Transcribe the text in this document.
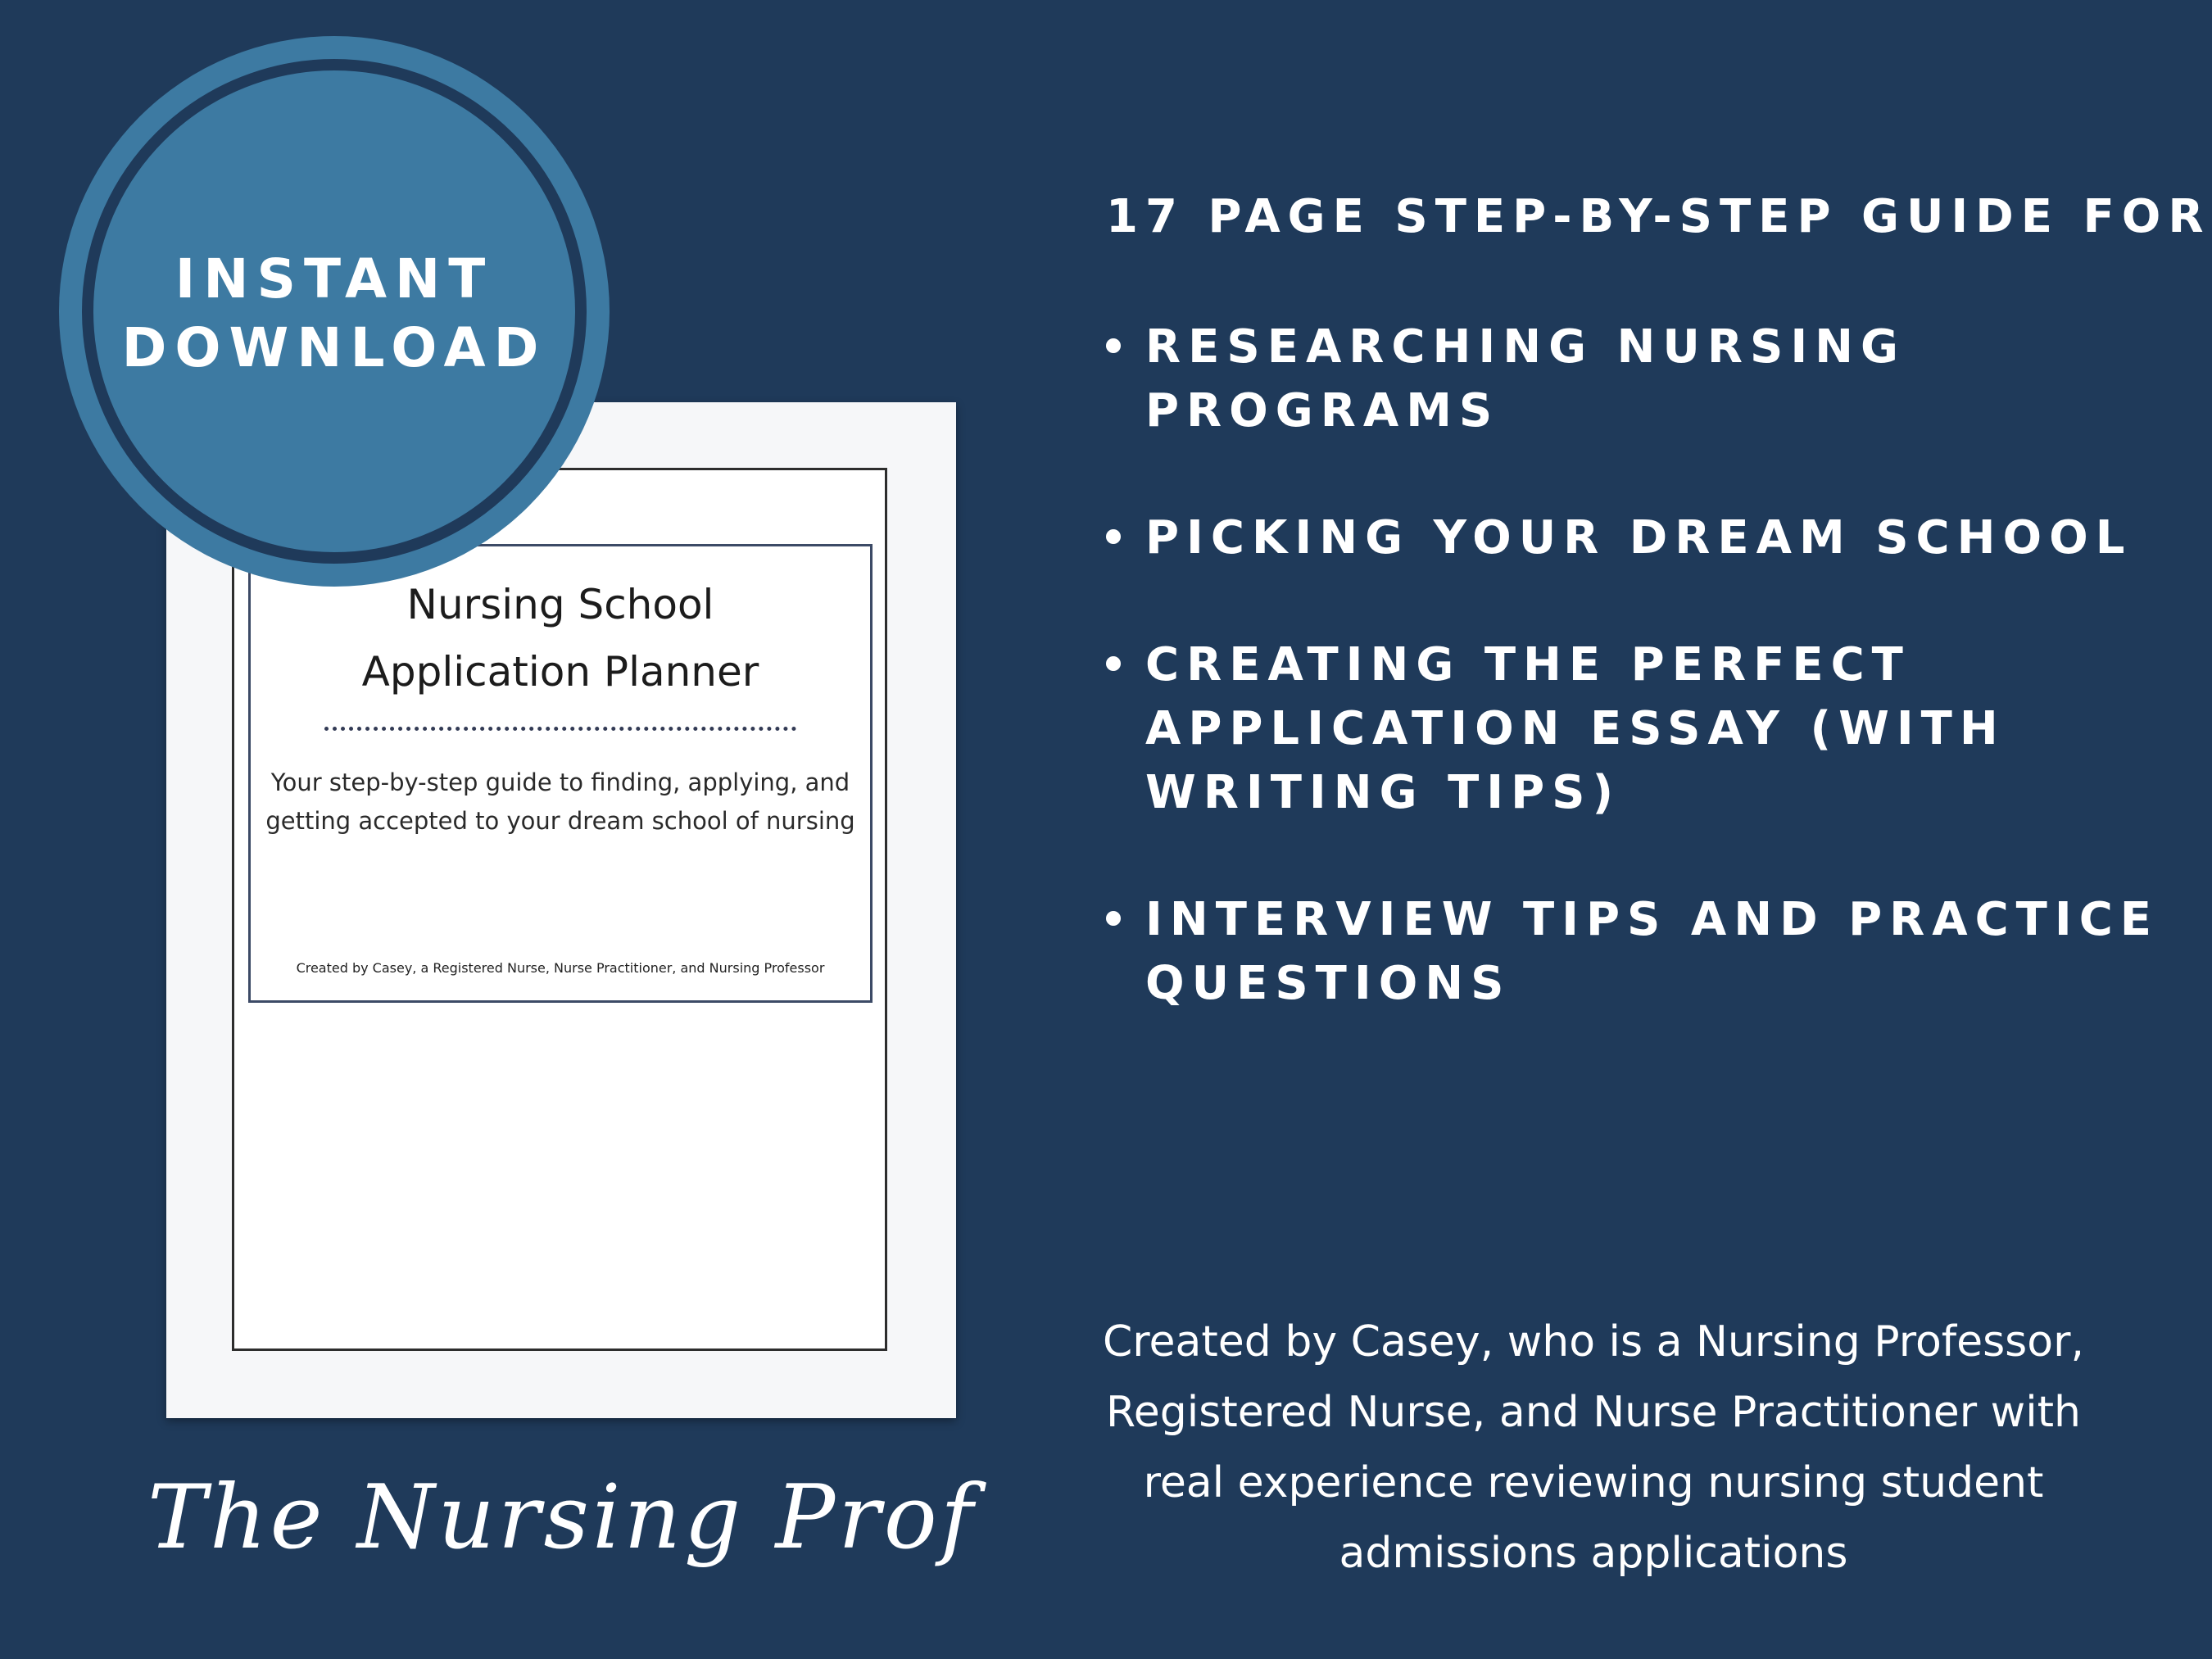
Nursing School
Application Planner
Your step-by-step guide to finding, applying, and
getting accepted to your dream school of nursing
Created by Casey, a Registered Nurse, Nurse Practitioner, and Nursing Professor
INSTANT
DOWNLOAD
17 PAGE STEP-BY-STEP GUIDE FOR
RESEARCHING NURSING
PROGRAMS
PICKING YOUR DREAM SCHOOL
CREATING THE PERFECT
APPLICATION ESSAY (WITH
WRITING TIPS)
INTERVIEW TIPS AND PRACTICE
QUESTIONS
Created by Casey, who is a Nursing Professor,
Registered Nurse, and Nurse Practitioner with
real experience reviewing nursing student
admissions applications
The Nursing Prof
